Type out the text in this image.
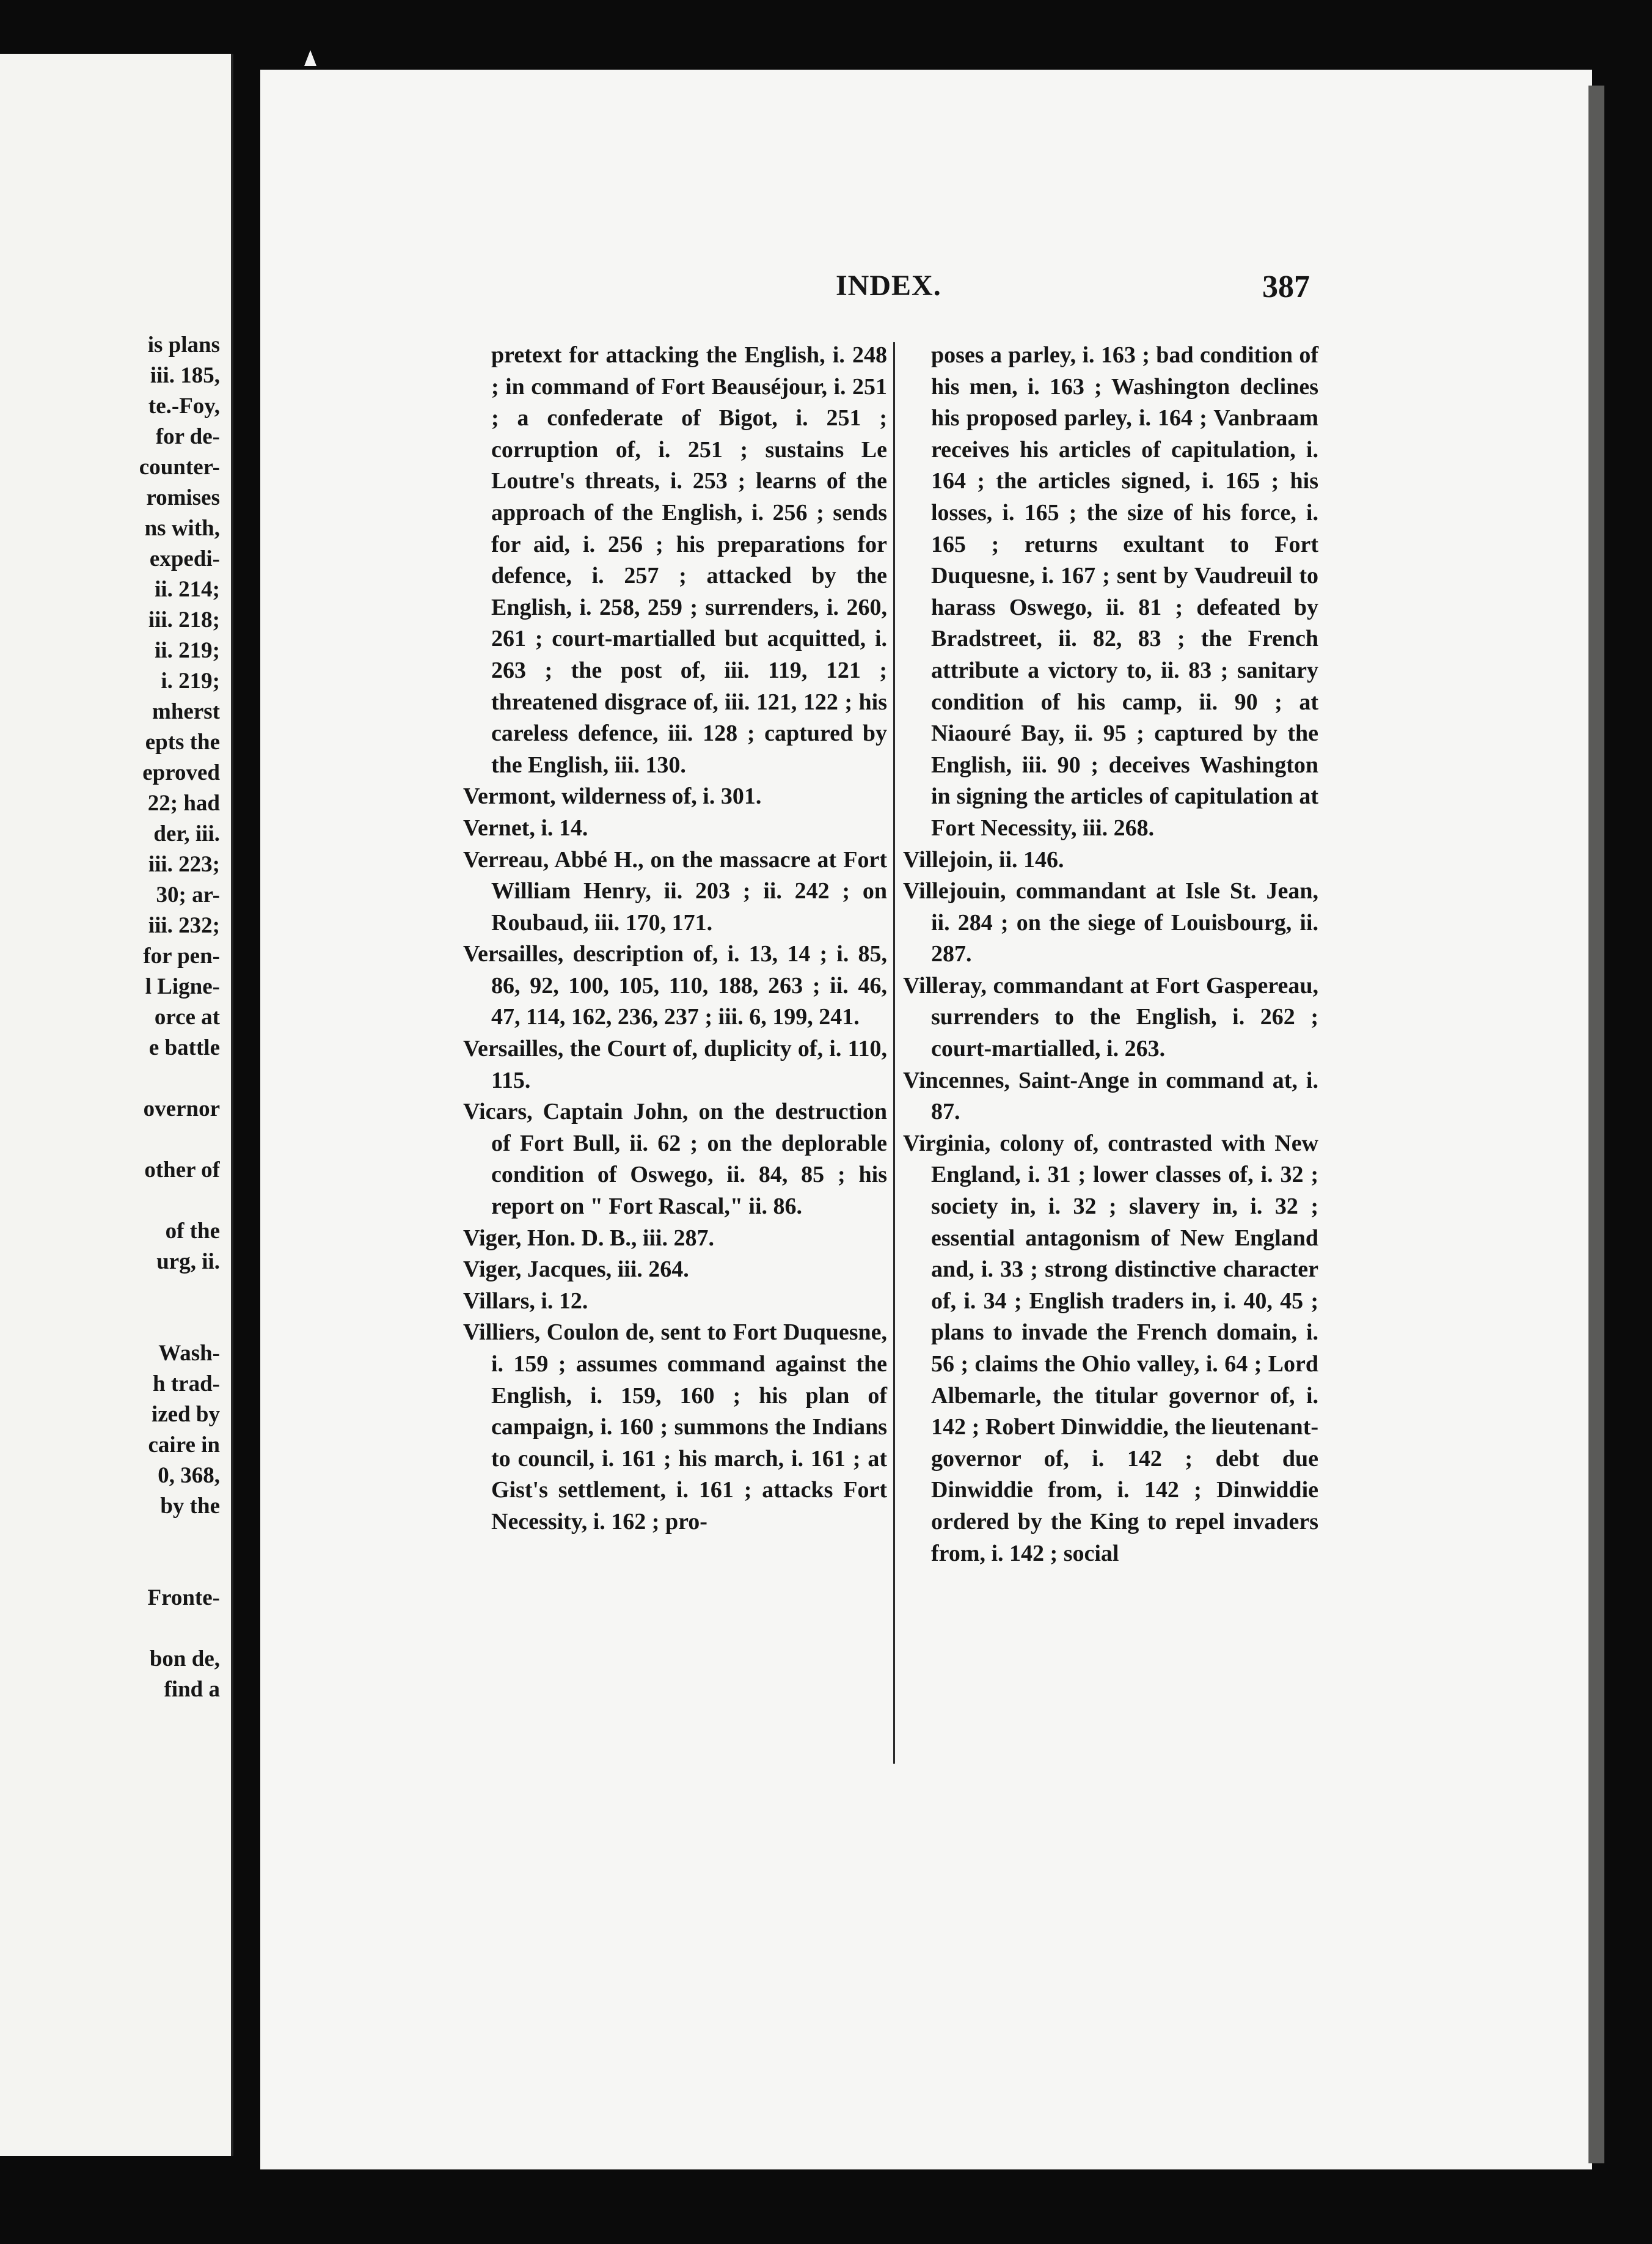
is plans
iii. 185,
te.-Foy,
for de-
counter-
romises
ns with,
expedi-
ii. 214;
iii. 218;
ii. 219;
i. 219;
mherst
epts the
eproved
22; had
der, iii.
iii. 223;
30; ar-
iii. 232;
for pen-
l Ligne-
orce at
e battle
overnor
other of
of the
urg, ii.
Wash-
h trad-
ized by
caire in
0, 368,
by the
Fronte-
bon de,
find a
INDEX.	387

pretext for attacking the English, i. 248 ; in command of Fort Beauséjour, i. 251 ; a confederate of Bigot, i. 251 ; corruption of, i. 251 ; sustains Le Loutre's threats, i. 253 ; learns of the approach of the English, i. 256 ; sends for aid, i. 256 ; his preparations for defence, i. 257 ; attacked by the English, i. 258, 259 ; surrenders, i. 260, 261 ; court-martialled but acquitted, i. 263 ; the post of, iii. 119, 121 ; threatened disgrace of, iii. 121, 122 ; his careless defence, iii. 128 ; captured by the English, iii. 130.

Vermont, wilderness of, i. 301.

Vernet, i. 14.

Verreau, Abbé H., on the massacre at Fort William Henry, ii. 203 ; ii. 242 ; on Roubaud, iii. 170, 171.

Versailles, description of, i. 13, 14 ; i. 85, 86, 92, 100, 105, 110, 188, 263 ; ii. 46, 47, 114, 162, 236, 237 ; iii. 6, 199, 241.

Versailles, the Court of, duplicity of, i. 110, 115.

Vicars, Captain John, on the destruction of Fort Bull, ii. 62 ; on the deplorable condition of Oswego, ii. 84, 85 ; his report on " Fort Rascal," ii. 86.

Viger, Hon. D. B., iii. 287.

Viger, Jacques, iii. 264.

Villars, i. 12.

Villiers, Coulon de, sent to Fort Duquesne, i. 159 ; assumes command against the English, i. 159, 160 ; his plan of campaign, i. 160 ; summons the Indians to council, i. 161 ; his march, i. 161 ; at Gist's settlement, i. 161 ; attacks Fort Necessity, i. 162 ; pro-

poses a parley, i. 163 ; bad condition of his men, i. 163 ; Washington declines his proposed parley, i. 164 ; Vanbraam receives his articles of capitulation, i. 164 ; the articles signed, i. 165 ; his losses, i. 165 ; the size of his force, i. 165 ; returns exultant to Fort Duquesne, i. 167 ; sent by Vaudreuil to harass Oswego, ii. 81 ; defeated by Bradstreet, ii. 82, 83 ; the French attribute a victory to, ii. 83 ; sanitary condition of his camp, ii. 90 ; at Niaouré Bay, ii. 95 ; captured by the English, iii. 90 ; deceives Washington in signing the articles of capitulation at Fort Necessity, iii. 268.

Villejoin, ii. 146.

Villejouin, commandant at Isle St. Jean, ii. 284 ; on the siege of Louisbourg, ii. 287.

Villeray, commandant at Fort Gaspereau, surrenders to the English, i. 262 ; court-martialled, i. 263.

Vincennes, Saint-Ange in command at, i. 87.

Virginia, colony of, contrasted with New England, i. 31 ; lower classes of, i. 32 ; society in, i. 32 ; slavery in, i. 32 ; essential antagonism of New England and, i. 33 ; strong distinctive character of, i. 34 ; English traders in, i. 40, 45 ; plans to invade the French domain, i. 56 ; claims the Ohio valley, i. 64 ; Lord Albemarle, the titular governor of, i. 142 ; Robert Dinwiddie, the lieutenant-governor of, i. 142 ; debt due Dinwiddie from, i. 142 ; Dinwiddie ordered by the King to repel invaders from, i. 142 ; social
